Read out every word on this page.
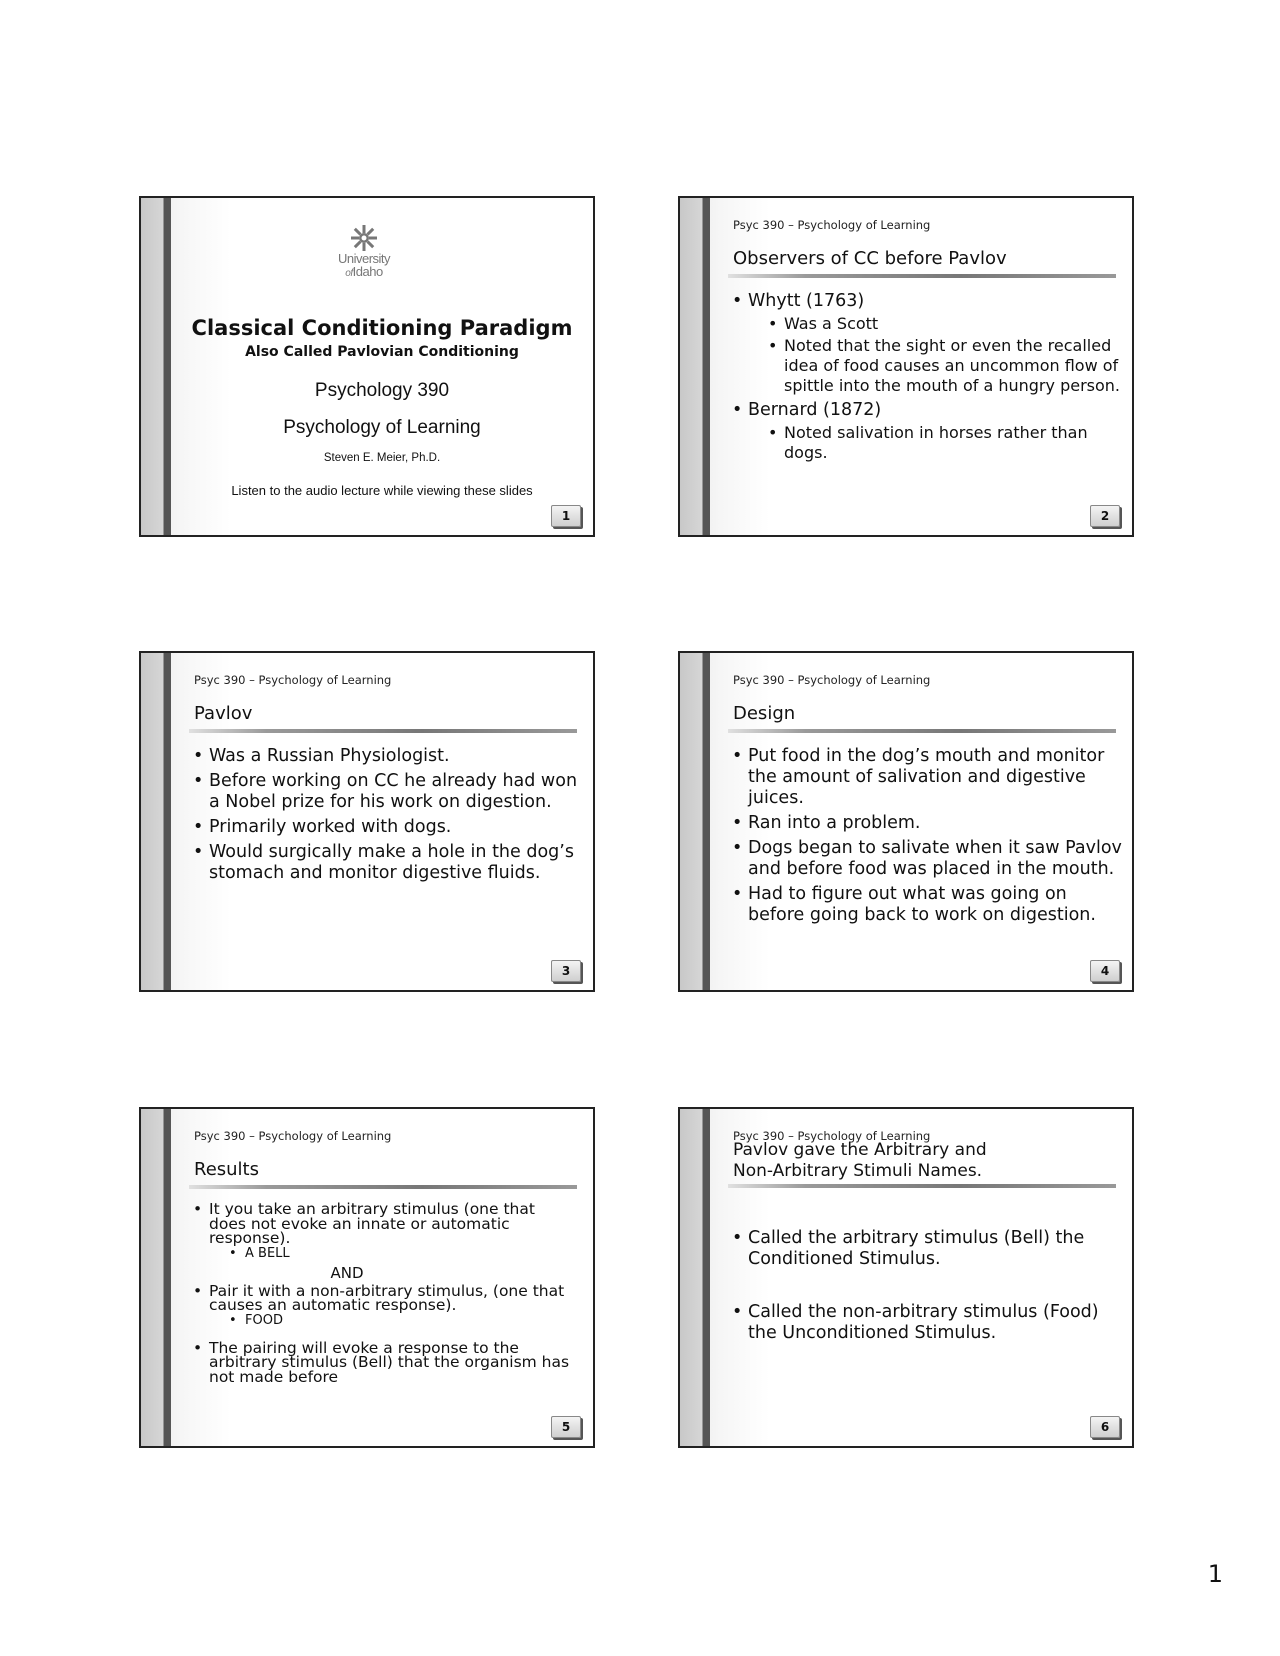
University
ofIdaho
Classical Conditioning Paradigm
Also Called Pavlovian Conditioning
Psychology 390
Psychology of Learning
Steven E. Meier, Ph.D.
Listen to the audio lecture while viewing these slides
1
Psyc 390 – Psychology of Learning
Observers of CC before Pavlov
• Whytt (1763)
• Was a Scott
• Noted that the sight or even the recalled idea of food causes an uncommon flow of spittle into the mouth of a hungry person.
• Bernard (1872)
• Noted salivation in horses rather than dogs.
2
Psyc 390 – Psychology of Learning
Pavlov
• Was a Russian Physiologist.
• Before working on CC he already had won a Nobel prize for his work on digestion.
• Primarily worked with dogs.
• Would surgically make a hole in the dog’s stomach and monitor digestive fluids.
3
Psyc 390 – Psychology of Learning
Design
• Put food in the dog’s mouth and monitor the amount of salivation and digestive juices.
• Ran into a problem.
• Dogs began to salivate when it saw Pavlov and before food was placed in the mouth.
• Had to figure out what was going on before going back to work on digestion.
4
Psyc 390 – Psychology of Learning
Results
• It you take an arbitrary stimulus (one that does not evoke an innate or automatic response).
• A BELL
AND
• Pair it with a non-arbitrary stimulus, (one that causes an automatic response).
• FOOD
• The pairing will evoke a response to the arbitrary stimulus (Bell) that the organism has not made before
5
Psyc 390 – Psychology of Learning
Pavlov gave the Arbitrary and
Non-Arbitrary Stimuli Names.
• Called the arbitrary stimulus (Bell) the Conditioned Stimulus.
• Called the non-arbitrary stimulus (Food) the Unconditioned Stimulus.
6
1
